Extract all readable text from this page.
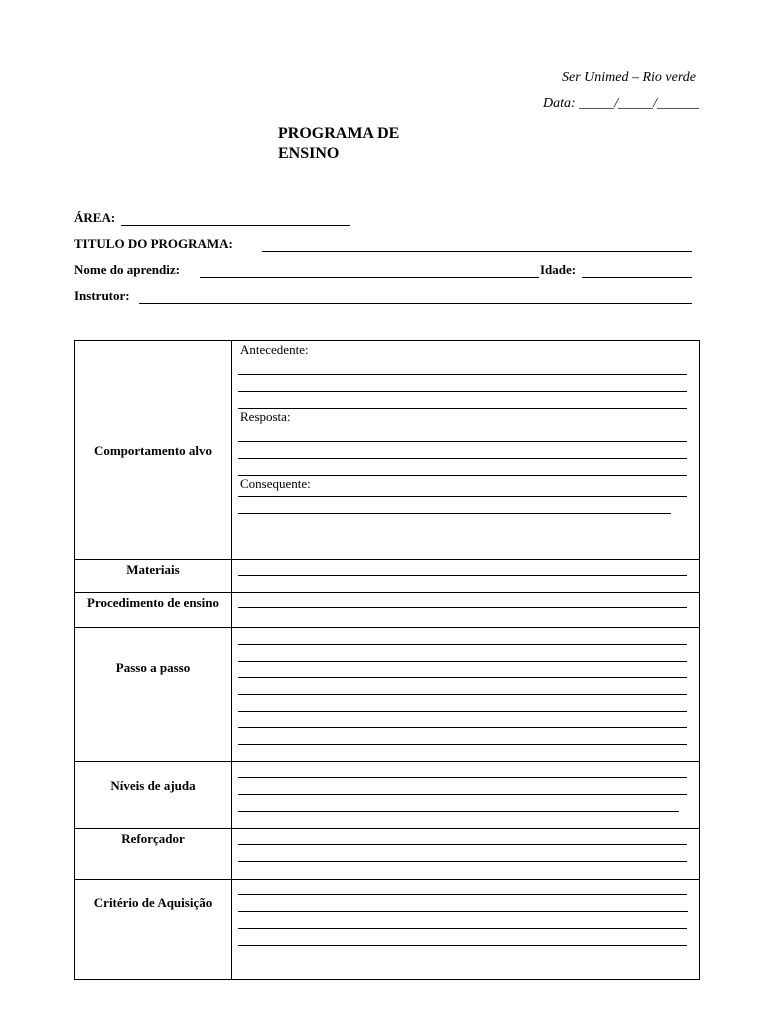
Ser Unimed – Rio verde
Data: _____/_____/______
PROGRAMA DE ENSINO
ÁREA:
TITULO DO PROGRAMA:
Nome do aprendiz:	Idade:
Instrutor:
Comportamento alvo	Antecedente:
Resposta:
Consequente:

Materiais	

Procedimento de ensino	

Passo a passo	

Níveis de ajuda	

Reforçador	

Critério de Aquisição	
